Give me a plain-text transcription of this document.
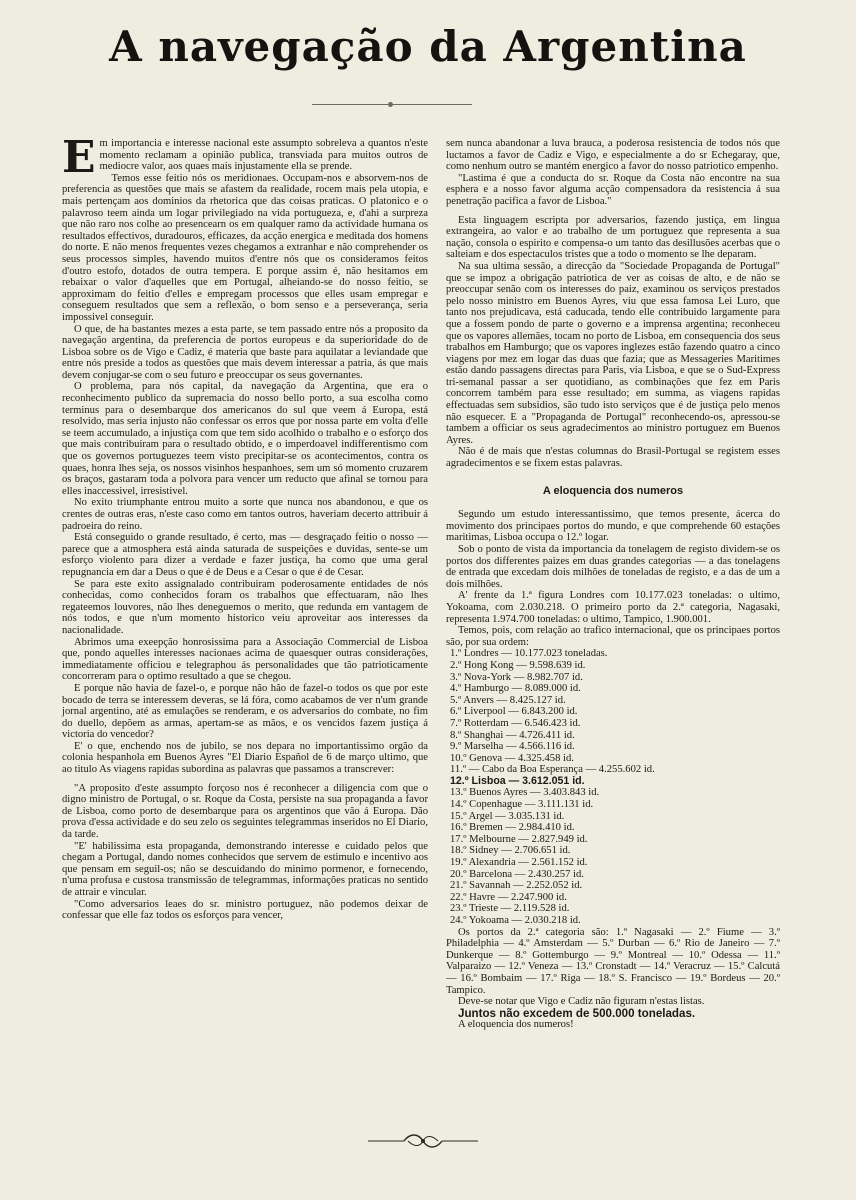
A navegação da Argentina

Em importancia e interesse nacional este assumpto sobreleva a quantos n'este momento reclamam a opinião publica, transviada para muitos outros de mediocre valor, aos quaes mais injustamente ella se prende.

Temos esse feitio nós os meridionaes. Occupam-nos e absorvem-nos de preferencia as questões que mais se afastem da realidade, rocem mais pela utopia, e mais pertençam aos dominios da rhetorica que das coisas praticas. O platonico e o palavroso teem ainda um logar privilegiado na vida portugueza, e, d'ahi a surpreza que não raro nos colhe ao presencearn os em qualquer ramo da actividade humana os resultados effectivos, duradouros, efficazes, da acção energica e meditada dos homens do norte. E não menos frequentes vezes chegamos a extranhar e não comprehender os seus processos simples, havendo muitos d'entre nós que os consideramos feitos d'outro estofo, dotados de outra tempera. E porque assim é, não hesitamos em rebaixar o valor d'aquelles que em Portugal, alheiando-se do nosso feitio, se approximam do feitio d'elles e empregam processos que elles usam empregar e conseguem resultados que sem a reflexão, o bom senso e a perseverança, seria impossivel conseguir.

O que, de ha bastantes mezes a esta parte, se tem passado entre nós a proposito da navegação argentina, da preferencia de portos europeus e da superioridade do de Lisboa sobre os de Vigo e Cadiz, é materia que baste para aquilatar a leviandade que entre nós preside a todos as questões que mais devem interessar a patria, ás que mais devem conjugar-se com o seu futuro e preoccupar os seus governantes.

O problema, para nós capital, da navegação da Argentina, que era o reconhecimento publico da supremacia do nosso bello porto, a sua escolha como terminus para o desembarque dos americanos do sul que veem á Europa, está resolvido, mas seria injusto não confessar os erros que por nossa parte em volta d'elle se teem accumulado, a injustiça com que tem sido acolhido o trabalho e o esforço dos que mais contribuiram para o resultado obtido, e o imperdoavel indifferentismo com que os governos portuguezes teem visto precipitar-se os acontecimentos, contra os quaes, honra lhes seja, os nossos visinhos hespanhoes, sem um só momento cruzarem os braços, gastaram toda a polvora para vencer um reducto que afinal se tornou para elles inaccessivel, irresistivel.

No exito triumphante entrou muito a sorte que nunca nos abandonou, e que os crentes de outras eras, n'este caso como em tantos outros, haveriam decerto attribuir á padroeira do reino.

Está conseguido o grande resultado, é certo, mas — desgraçado feitio o nosso — parece que a atmosphera está ainda saturada de suspeições e duvidas, sente-se um esforço violento para dizer a verdade e fazer justiça, ha como que uma geral repugnancia em dar a Deus o que é de Deus e a Cesar o que é de Cesar.

Se para este exito assignalado contribuiram poderosamente entidades de nós conhecidas, como conhecidos foram os trabalhos que effectuaram, não lhes regateemos louvores, não lhes deneguemos o merito, que redunda em vantagem de nós todos, e que n'um momento historico veiu aproveitar aos interesses da nacionalidade.

Abrimos uma exeepção honrosissima para a Associação Commercial de Lisboa que, pondo aquelles interesses nacionaes acima de quaesquer outras considerações, immediatamente officiou e telegraphou ás personalidades que tão patrioticamente concorreram para o optimo resultado a que se chegou.

E porque não havia de fazel-o, e porque não hão de fazel-o todos os que por este bocado de terra se interessem deveras, se lá fóra, como acabamos de ver n'um grande jornal argentino, até as emulações se renderam, e os adversarios do combate, no fim do duello, depõem as armas, apertam-se as mãos, e os vencidos fazem justiça á victoria do vencedor?

E' o que, enchendo nos de jubilo, se nos depara no importantissimo orgão da colonia hespanhola em Buenos Ayres "El Diario Español de 6 de março ultimo, que ao titulo As viagens rapidas subordina as palavras que passamos a transcrever:

"A proposito d'este assumpto forçoso nos é reconhecer a diligencia com que o digno ministro de Portugal, o sr. Roque da Costa, persiste na sua propaganda a favor de Lisboa, como porto de desembarque para os argentinos que vão á Europa. Dão prova d'essa actividade e do seu zelo os seguintes telegrammas inseridos no El Diario, da tarde.

"E' habilissima esta propaganda, demonstrando interesse e cuidado pelos que chegam a Portugal, dando nomes conhecidos que servem de estimulo e incentivo aos que pensam em seguil-os; não se descuidando do minimo pormenor, e fornecendo, n'uma profusa e custosa transmissão de telegrammas, informações praticas no sentido de attrair e vincular.

"Como adversarios leaes do sr. ministro portuguez, não podemos deixar de confessar que elle faz todos os esforços para vencer,

sem nunca abandonar a luva brauca, a poderosa resistencia de todos nós que luctamos a favor de Cadiz e Vigo, e especialmente a do sr Echegaray, que, como nenhum outro se mantém energico a favor do nosso patriotico empenho.

"Lastima é que a conducta do sr. Roque da Costa não encontre na sua esphera e a nosso favor alguma acção compensadora da resistencia á sua penetração pacifica a favor de Lisboa."

Esta linguagem escripta por adversarios, fazendo justiça, em lingua extrangeira, ao valor e ao trabalho de um portuguez que representa a sua nação, consola o espirito e compensa-o um tanto das desillusões acerbas que o salteiam e dos espectaculos tristes que a todo o momento se lhe deparam.

Na sua ultima sessão, a direcção da "Sociedade Propaganda de Portugal" que se impoz a obrigação patriotica de ver as coisas de alto, e de não se preoccupar senão com os interesses do paiz, examinou os serviços prestados pelo nosso ministro em Buenos Ayres, viu que essa famosa Lei Luro, que tanto nos prejudicava, está caducada, tendo elle contribuido largamente para que a fossem pondo de parte o governo e a imprensa argentina; reconheceu que os vapores allemães, tocam no porto de Lisboa, em consequencia dos seus trabalhos em Hamburgo; que os vapores inglezes estão fazendo quatro a cinco viagens por mez em logar das duas que fazia; que as Messageries Maritimes estão dando passagens directas para Paris, via Lisboa, e que se o Sud-Express tri-semanal passar a ser quotidiano, as combinações que fez em Paris concorrem também para esse resultado; em summa, as viagens rapidas effectuadas sem subsidios, são tudo isto serviços que é de justiça pelo menos não esquecer. E a "Propaganda de Portugal" reconhecendo-os, apressou-se tambem a officiar os seus agradecimentos ao ministro portuguez em Buenos Ayres.

Não é de mais que n'estas columnas do Brasil-Portugal se registem esses agradecimentos e se fixem estas palavras.

A eloquencia dos numeros

Segundo um estudo interessantissimo, que temos presente, ácerca do movimento dos principaes portos do mundo, e que comprehende 60 estações maritimas, Lisboa occupa o 12.º logar.

Sob o ponto de vista da importancia da tonelagem de registo dividem-se os portos dos differentes paizes em duas grandes categorias — a das tonelagens de entrada que excedam dois milhões de toneladas de registo, e a das de um a dois milhões.

A' frente da 1.ª figura Londres com 10.177.023 toneladas: o ultimo, Yokoama, com 2.030.218. O primeiro porto da 2.ª categoria, Nagasaki, representa 1.974.700 toneladas: o ultimo, Tampico, 1.900.001.

Temos, pois, com relação ao trafico internacional, que os principaes portos são, por sua ordem:

1.º Londres — 10.177.023 toneladas.
2.º Hong Kong — 9.598.639 id.
3.º Nova-York — 8.982.707 id.
4.º Hamburgo — 8.089.000 id.
5.º Anvers — 8.425.127 id.
6.º Liverpool — 6.843.200 id.
7.º Rotterdam — 6.546.423 id.
8.º Shanghai — 4.726.411 id.
9.º Marselha — 4.566.116 id.
10.º Genova — 4.325.458 id.
11.º — Cabo da Boa Esperança — 4.255.602 id.
12.º Lisboa — 3.612.051 id.
13.º Buenos Ayres — 3.403.843 id.
14.º Copenhague — 3.111.131 id.
15.º Argel — 3.035.131 id.
16.º Bremen — 2.984.410 id.
17.º Melbourne — 2.827.949 id.
18.º Sidney — 2.706.651 id.
19.º Alexandria — 2.561.152 id.
20.º Barcelona — 2.430.257 id.
21.º Savannah — 2.252.052 id.
22.º Havre — 2.247.900 id.
23.º Trieste — 2.119.528 id.
24.º Yokoama — 2.030.218 id.

Os portos da 2.ª categoria são: 1.º Nagasaki — 2.º Fiume — 3.º Philadelphia — 4.º Amsterdam — 5.º Durban — 6.º Rio de Janeiro — 7.º Dunkerque — 8.º Gottemburgo — 9.º Montreal — 10.º Odessa — 11.º Valparaizo — 12.º Veneza — 13.º Cronstadt — 14.º Veracruz — 15.º Calcutá — 16.º Bombaim — 17.º Riga — 18.º S. Francisco — 19.º Bordeus — 20.º Tampico.

Deve-se notar que Vigo e Cadiz não figuram n'estas listas.

Juntos não excedem de 500.000 toneladas.

A eloquencia dos numeros!
